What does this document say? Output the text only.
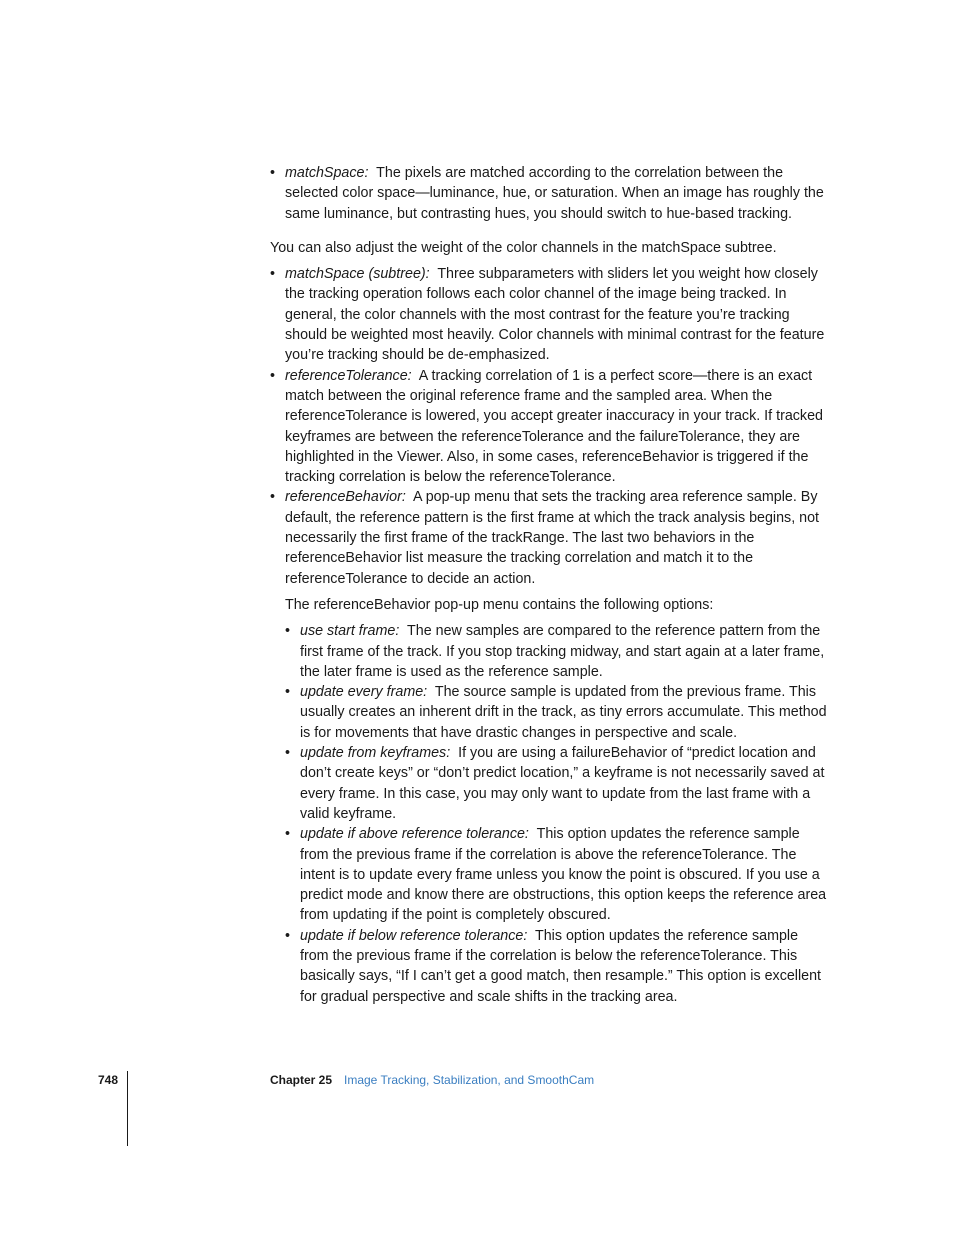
• matchSpace: The pixels are matched according to the correlation between the selected color space—luminance, hue, or saturation. When an image has roughly the same luminance, but contrasting hues, you should switch to hue-based tracking.

You can also adjust the weight of the color channels in the matchSpace subtree.

• matchSpace (subtree): Three subparameters with sliders let you weight how closely the tracking operation follows each color channel of the image being tracked. In general, the color channels with the most contrast for the feature you’re tracking should be weighted most heavily. Color channels with minimal contrast for the feature you’re tracking should be de-emphasized.
• referenceTolerance: A tracking correlation of 1 is a perfect score—there is an exact match between the original reference frame and the sampled area. When the referenceTolerance is lowered, you accept greater inaccuracy in your track. If tracked keyframes are between the referenceTolerance and the failureTolerance, they are highlighted in the Viewer. Also, in some cases, referenceBehavior is triggered if the tracking correlation is below the referenceTolerance.
• referenceBehavior: A pop-up menu that sets the tracking area reference sample. By default, the reference pattern is the first frame at which the track analysis begins, not necessarily the first frame of the trackRange. The last two behaviors in the referenceBehavior list measure the tracking correlation and match it to the referenceTolerance to decide an action.

The referenceBehavior pop-up menu contains the following options:

• use start frame: The new samples are compared to the reference pattern from the first frame of the track. If you stop tracking midway, and start again at a later frame, the later frame is used as the reference sample.
• update every frame: The source sample is updated from the previous frame. This usually creates an inherent drift in the track, as tiny errors accumulate. This method is for movements that have drastic changes in perspective and scale.
• update from keyframes: If you are using a failureBehavior of “predict location and don’t create keys” or “don’t predict location,” a keyframe is not necessarily saved at every frame. In this case, you may only want to update from the last frame with a valid keyframe.
• update if above reference tolerance: This option updates the reference sample from the previous frame if the correlation is above the referenceTolerance. The intent is to update every frame unless you know the point is obscured. If you use a predict mode and know there are obstructions, this option keeps the reference area from updating if the point is completely obscured.
• update if below reference tolerance: This option updates the reference sample from the previous frame if the correlation is below the referenceTolerance. This basically says, “If I can’t get a good match, then resample.” This option is excellent for gradual perspective and scale shifts in the tracking area.
748	Chapter 25 Image Tracking, Stabilization, and SmoothCam
